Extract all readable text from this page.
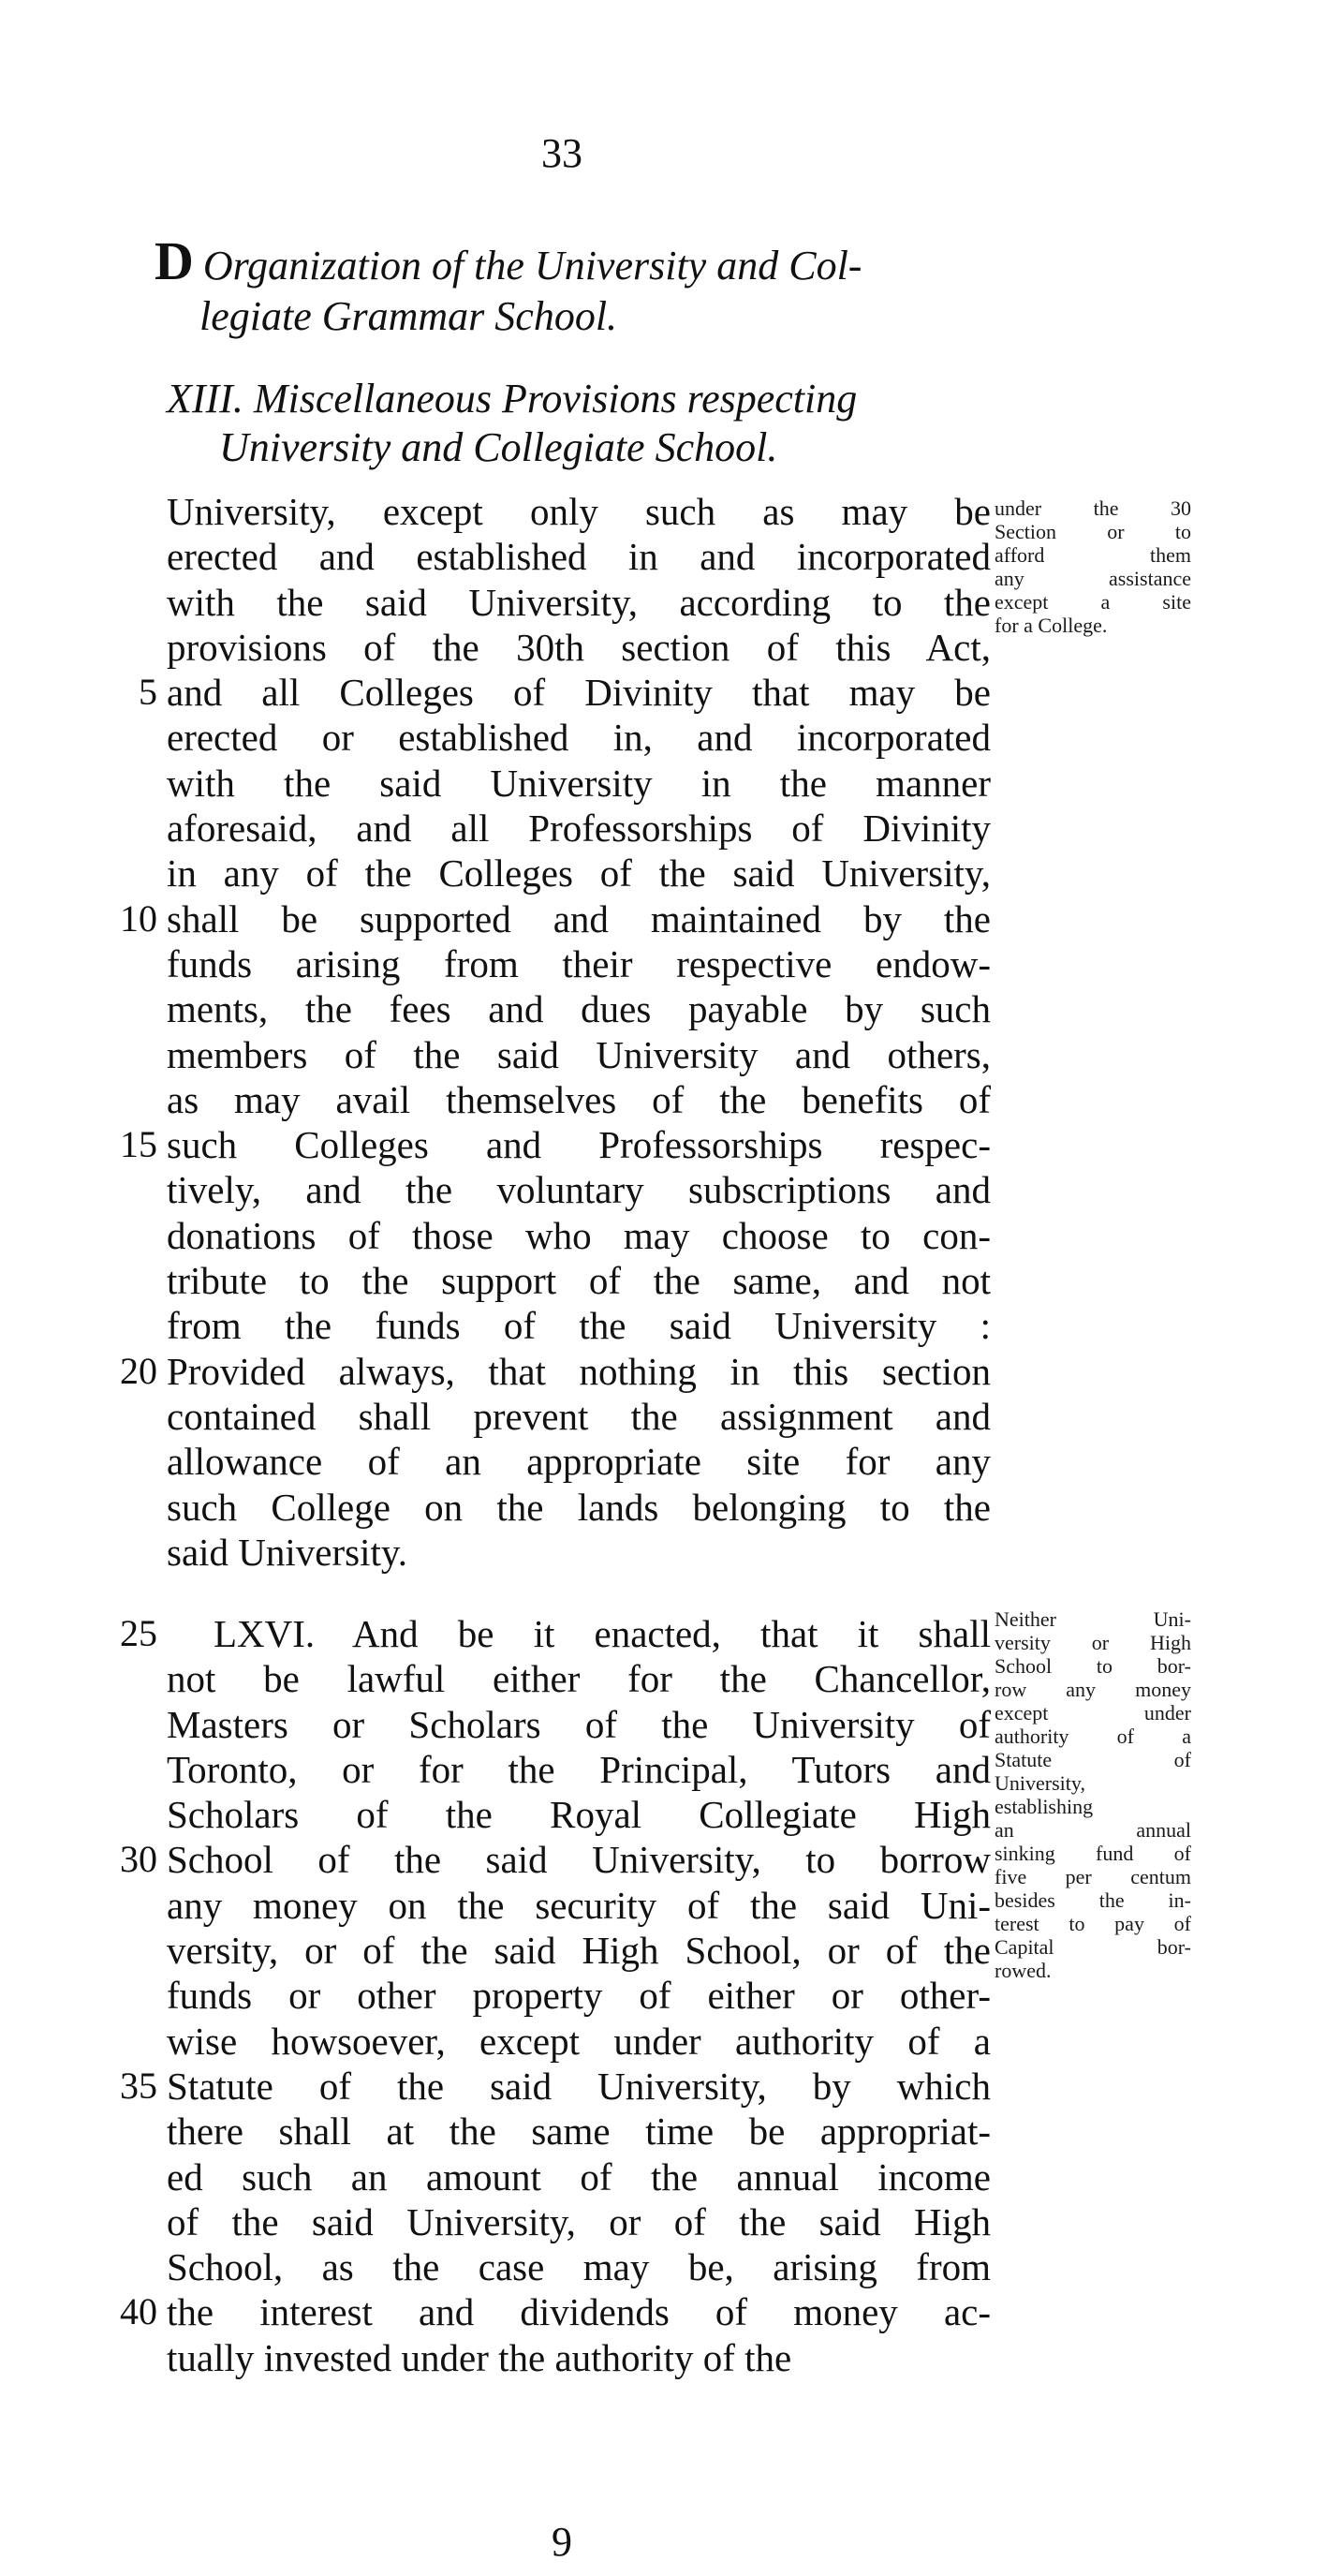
33
D Organization of the University and Col-
legiate Grammar School.
XIII. Miscellaneous Provisions respecting
University and Collegiate School.
University, except only such as may be
erected and established in and incorporated
with the said University, according to the
provisions of the 30th section of this Act,
5 and all Colleges of Divinity that may be
erected or established in, and incorporated
with the said University in the manner
aforesaid, and all Professorships of Divinity
in any of the Colleges of the said University,
10 shall be supported and maintained by the
funds arising from their respective endow-
ments, the fees and dues payable by such
members of the said University and others,
as may avail themselves of the benefits of
15 such Colleges and Professorships respec-
tively, and the voluntary subscriptions and
donations of those who may choose to con-
tribute to the support of the same, and not
from the funds of the said University :
20 Provided always, that nothing in this section
contained shall prevent the assignment and
allowance of an appropriate site for any
such College on the lands belonging to the
said University.
under the 30
Section or to
afford them
any assistance
except a site
for a College.
25	LXVI. And be it enacted, that it shall
not be lawful either for the Chancellor,
Masters or Scholars of the University of
Toronto, or for the Principal, Tutors and
Scholars of the Royal Collegiate High
30 School of the said University, to borrow
any money on the security of the said Uni-
versity, or of the said High School, or of the
funds or other property of either or other-
wise howsoever, except under authority of a
35 Statute of the said University, by which
there shall at the same time be appropriat-
ed such an amount of the annual income
of the said University, or of the said High
School, as the case may be, arising from
40 the interest and dividends of money ac-
tually invested under the authority of the
Neither Uni-
versity or High
School to bor-
row any money
except under
authority of a
Statute of
University,
establishing
an annual
sinking fund of
five per centum
besides the in-
terest to pay of
Capital bor-
rowed.
9
